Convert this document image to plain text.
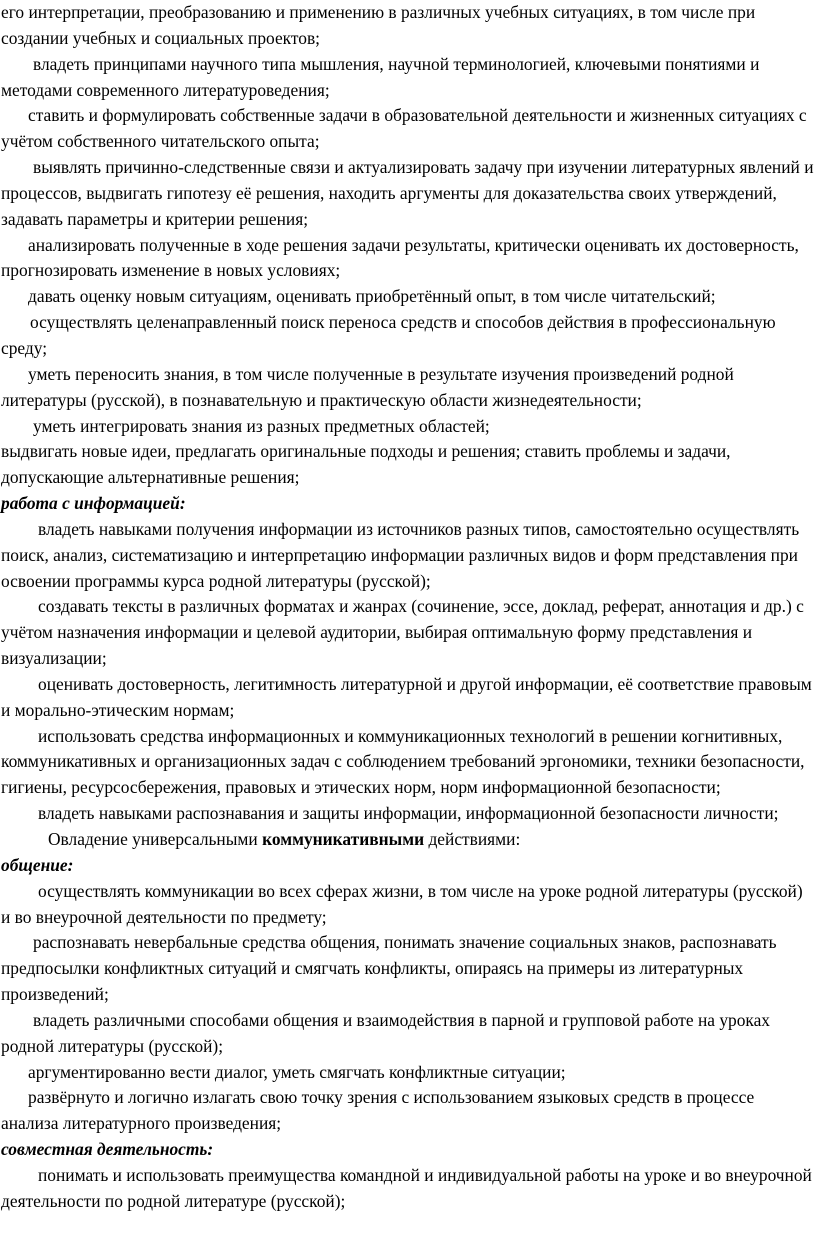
его интерпретации, преобразованию и применению в различных учебных ситуациях, в том числе при создании учебных и социальных проектов;

владеть принципами научного типа мышления, научной терминологией, ключевыми понятиями и методами современного литературоведения;

ставить и формулировать собственные задачи в образовательной деятельности и жизненных ситуациях с учётом собственного читательского опыта;

выявлять причинно-следственные связи и актуализировать задачу при изучении литературных явлений и процессов, выдвигать гипотезу её решения, находить аргументы для доказательства своих утверждений, задавать параметры и критерии решения;

анализировать полученные в ходе решения задачи результаты, критически оценивать их достоверность, прогнозировать изменение в новых условиях;

давать оценку новым ситуациям, оценивать приобретённый опыт, в том числе читательский;

осуществлять целенаправленный поиск переноса средств и способов действия в профессиональную среду;

уметь переносить знания, в том числе полученные в результате изучения произведений родной литературы (русской), в познавательную и практическую области жизнедеятельности;

уметь интегрировать знания из разных предметных областей;

выдвигать новые идеи, предлагать оригинальные подходы и решения; ставить проблемы и задачи, допускающие альтернативные решения;

работа с информацией:

владеть навыками получения информации из источников разных типов, самостоятельно осуществлять поиск, анализ, систематизацию и интерпретацию информации различных видов и форм представления при освоении программы курса родной литературы (русской);

создавать тексты в различных форматах и жанрах (сочинение, эссе, доклад, реферат, аннотация и др.) с учётом назначения информации и целевой аудитории, выбирая оптимальную форму представления и визуализации;

оценивать достоверность, легитимность литературной и другой информации, её соответствие правовым и морально-этическим нормам;

использовать средства информационных и коммуникационных технологий в решении когнитивных, коммуникативных и организационных задач с соблюдением требований эргономики, техники безопасности, гигиены, ресурсосбережения, правовых и этических норм, норм информационной безопасности;

владеть навыками распознавания и защиты информации, информационной безопасности личности;

Овладение универсальными коммуникативными действиями:

общение:

осуществлять коммуникации во всех сферах жизни, в том числе на уроке родной литературы (русской) и во внеурочной деятельности по предмету;

распознавать невербальные средства общения, понимать значение социальных знаков, распознавать предпосылки конфликтных ситуаций и смягчать конфликты, опираясь на примеры из литературных произведений;

владеть различными способами общения и взаимодействия в парной и групповой работе на уроках родной литературы (русской);

аргументированно вести диалог, уметь смягчать конфликтные ситуации;

развёрнуто и логично излагать свою точку зрения с использованием языковых средств в процессе анализа литературного произведения;

совместная деятельность:

понимать и использовать преимущества командной и индивидуальной работы на уроке и во внеурочной деятельности по родной литературе (русской);
